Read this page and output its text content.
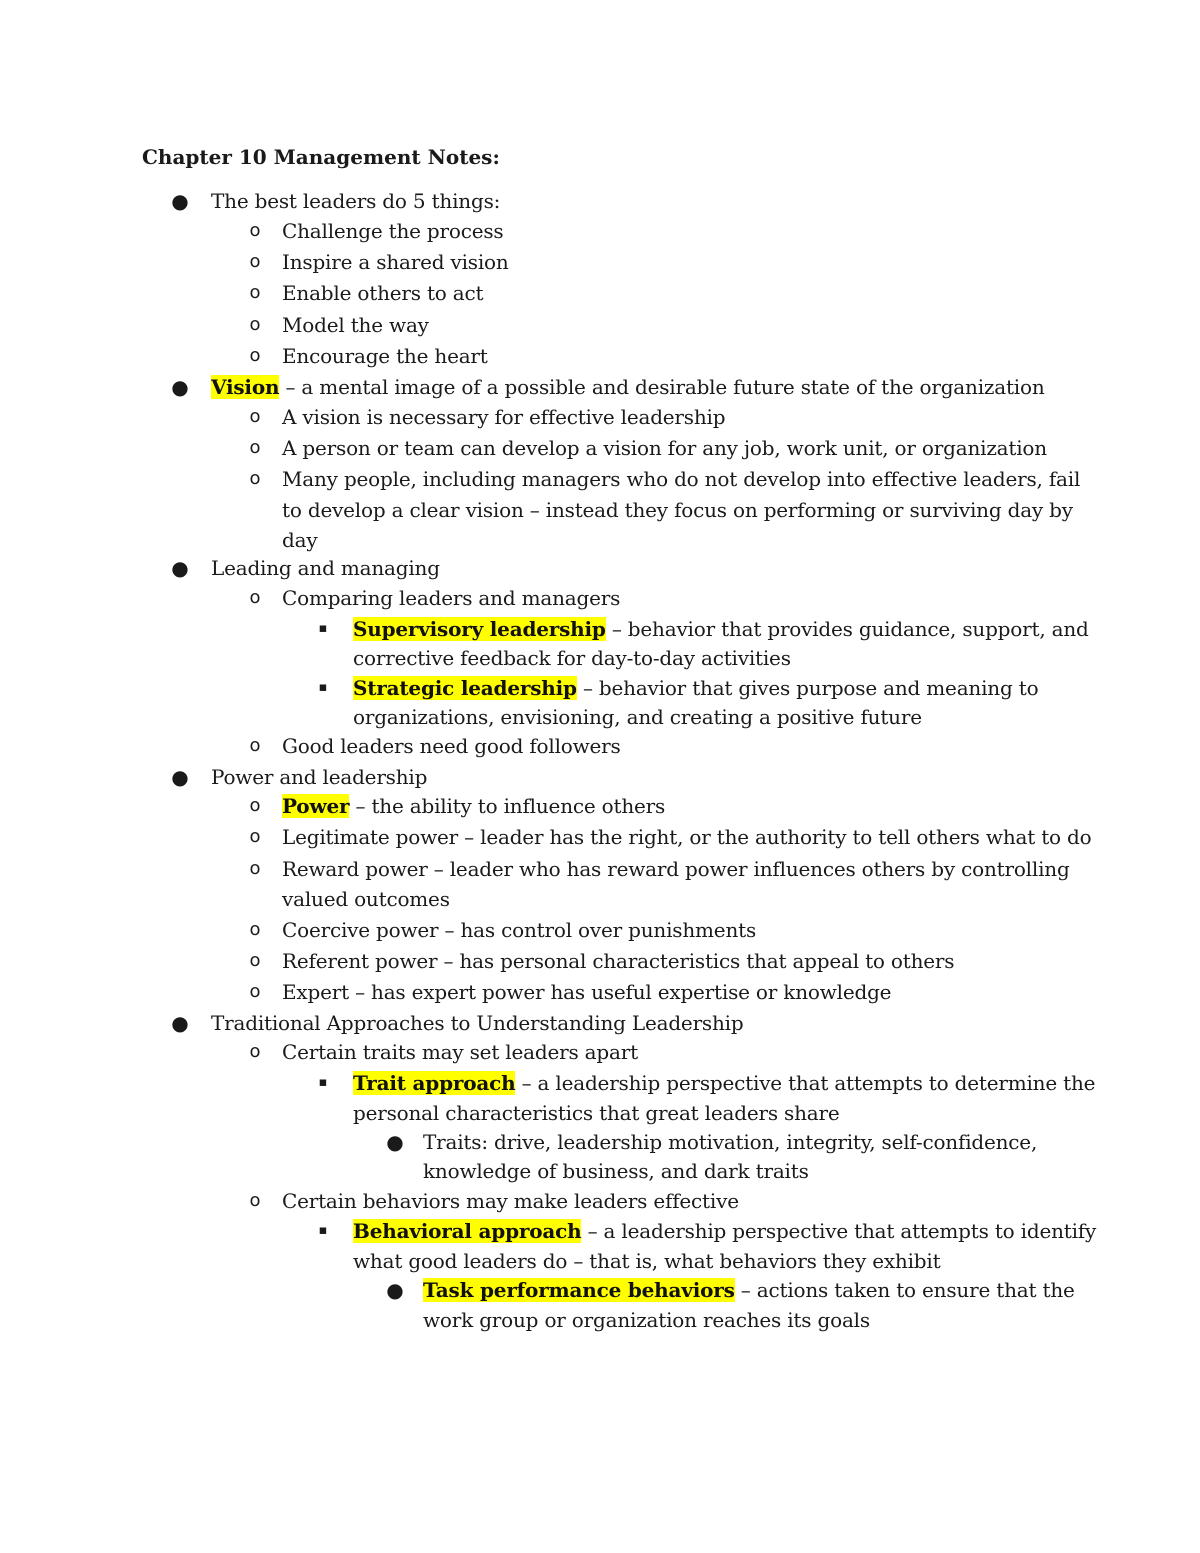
Chapter 10 Management Notes:
● The best leaders do 5 things:
o Challenge the process
o Inspire a shared vision
o Enable others to act
o Model the way
o Encourage the heart
● Vision – a mental image of a possible and desirable future state of the organization
o A vision is necessary for effective leadership
o A person or team can develop a vision for any job, work unit, or organization
o Many people, including managers who do not develop into effective leaders, fail
to develop a clear vision – instead they focus on performing or surviving day by
day
● Leading and managing
o Comparing leaders and managers
▪ Supervisory leadership – behavior that provides guidance, support, and
corrective feedback for day-to-day activities
▪ Strategic leadership – behavior that gives purpose and meaning to
organizations, envisioning, and creating a positive future
o Good leaders need good followers
● Power and leadership
o Power – the ability to influence others
o Legitimate power – leader has the right, or the authority to tell others what to do
o Reward power – leader who has reward power influences others by controlling
valued outcomes
o Coercive power – has control over punishments
o Referent power – has personal characteristics that appeal to others
o Expert – has expert power has useful expertise or knowledge
● Traditional Approaches to Understanding Leadership
o Certain traits may set leaders apart
▪ Trait approach – a leadership perspective that attempts to determine the
personal characteristics that great leaders share
● Traits: drive, leadership motivation, integrity, self-confidence,
knowledge of business, and dark traits
o Certain behaviors may make leaders effective
▪ Behavioral approach – a leadership perspective that attempts to identify
what good leaders do – that is, what behaviors they exhibit
● Task performance behaviors – actions taken to ensure that the
work group or organization reaches its goals
